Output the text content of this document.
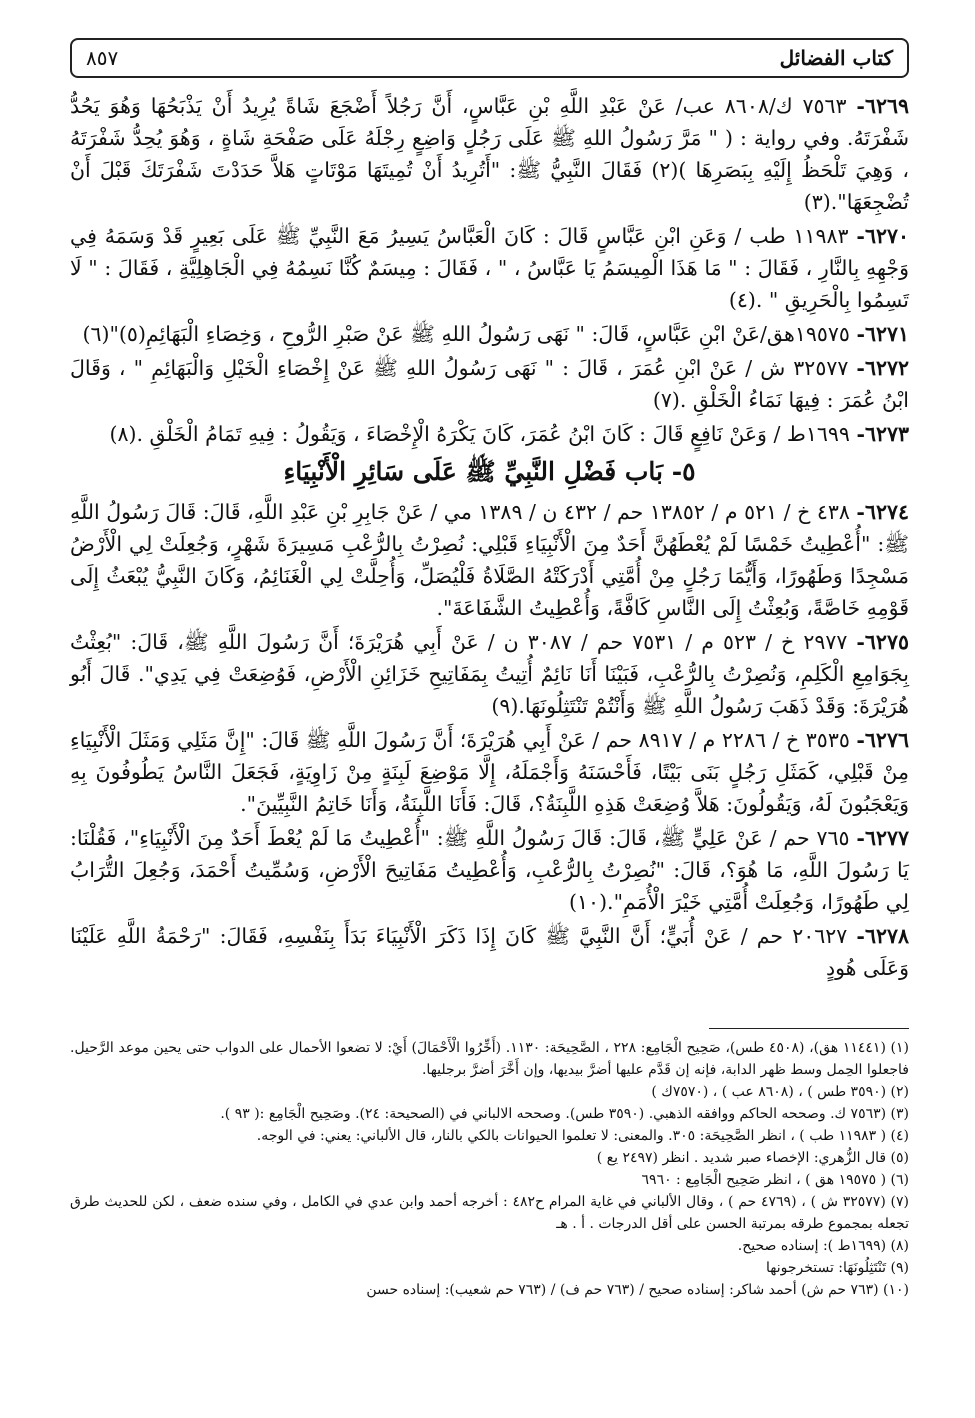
كتاب الفضائل
٨٥٧

٦٢٦٩- ٧٥٦٣ ك/٨٦٠٨ عب/ عَنْ عَبْدِ اللَّهِ بْنِ عَبَّاسٍ، أَنَّ رَجُلاً أَضْجَعَ شَاةً يُرِيدُ أَنْ يَذْبَحُهَا وَهُوَ يَحُدُّ شَفْرَتَهُ. وفي رواية : ( " مَرَّ رَسُولُ اللهِ ﷺ عَلَى رَجُلٍ وَاضِعٍ رِجْلَهُ عَلَى صَفْحَةِ شَاةٍ ، وَهُوَ يُحِدُّ شَفْرَتَهُ ، وَهِيَ تَلْحَظُ إِلَيْهِ بِبَصَرِهَا )(٢) فَقَالَ النَّبِيُّ ﷺ: "أَتُرِيدُ أَنْ تُمِيتَهَا مَوْتَاتٍ هَلاَّ حَدَدْتَ شَفْرَتَكَ قَبْلَ أَنْ تُضْجِعَهَا".(٣)

٦٢٧٠- ١١٩٨٣ طب / وَعَنِ ابْنِ عَبَّاسٍ قَالَ : كَانَ الْعَبَّاسُ يَسِيرُ مَعَ النَّبِيِّ ﷺ عَلَى بَعِيرٍ قَدْ وَسَمَهُ فِي وَجْهِهِ بِالنَّارِ ، فَقَالَ : " مَا هَذَا الْمِيسَمُ يَا عَبَّاسُ ، " ، فَقَالَ : مِيسَمٌ كُنَّا نَسِمُهُ فِي الْجَاهِلِيَّةِ ، فَقَالَ : " لَا تَسِمُوا بِالْحَرِيقِ " .(٤)

٦٢٧١- ١٩٥٧٥هق/عَنْ ابْنِ عَبَّاسٍ، قَالَ: " نَهَى رَسُولُ اللهِ ﷺ عَنْ صَبْرِ الرُّوحِ ، وَخِصَاءِ الْبَهَائِمِ(٥)"(٦)

٦٢٧٢- ٣٢٥٧٧ ش / عَنْ ابْنِ عُمَرَ ، قَالَ : " نَهَى رَسُولُ اللهِ ﷺ عَنْ إِخْصَاءِ الْخَيْلِ وَالْبَهَائِمِ " ، وَقَالَ ابْنُ عُمَرَ : فِيهَا نَمَاءُ الْخَلْقِ .(٧)

٦٢٧٣- ١٦٩٩ط / وَعَنْ نَافِعٍ قَالَ : كَانَ ابْنُ عُمَرَ، كَانَ يَكْرَهُ الْإِخْصَاءَ ، وَيَقُولُ : فِيهِ تَمَامُ الْخَلْقِ .(٨)

٥- بَاب فَضْلِ النَّبِيِّ ﷺ عَلَى سَائِرِ الْأَنْبِيَاءِ

٦٢٧٤- ٤٣٨ خ / ٥٢١ م / ١٣٨٥٢ حم / ٤٣٢ ن / ١٣٨٩ مي / عَنْ جَابِرِ بْنِ عَبْدِ اللَّهِ، قَالَ: قَالَ رَسُولُ اللَّهِ ﷺ: "أُعْطِيتُ خَمْسًا لَمْ يُعْطَهُنَّ أَحَدٌ مِنَ الْأَنْبِيَاءِ قَبْلِي: نُصِرْتُ بِالرُّعْبِ مَسِيرَةَ شَهْرٍ، وَجُعِلَتْ لِي الْأَرْضُ مَسْجِدًا وَطَهُورًا، وَأَيُّمَا رَجُلٍ مِنْ أُمَّتِي أَدْرَكَتْهُ الصَّلَاةُ فَلْيُصَلِّ، وَأُحِلَّتْ لِي الْغَنَائِمُ، وَكَانَ النَّبِيُّ يُبْعَثُ إِلَى قَوْمِهِ خَاصَّةً، وَبُعِثْتُ إِلَى النَّاسِ كَافَّةً، وَأُعْطِيتُ الشَّفَاعَةَ".

٦٢٧٥- ٢٩٧٧ خ / ٥٢٣ م / ٧٥٣١ حم / ٣٠٨٧ ن / عَنْ أَبِي هُرَيْرَةَ؛ أَنَّ رَسُولَ اللَّهِ ﷺ، قَالَ: "بُعِثْتُ بِجَوَامِعِ الْكَلِمِ، وَنُصِرْتُ بِالرُّعْبِ، فَبَيْنَا أَنَا نَائِمٌ أُتِيتُ بِمَفَاتِيحِ خَزَائِنِ الْأَرْضِ، فَوُضِعَتْ فِي يَدِي". قَالَ أَبُو هُرَيْرَةَ: وَقَدْ ذَهَبَ رَسُولُ اللَّهِ ﷺ وَأَنْتُمْ تَنْتَثِلُونَهَا.(٩)

٦٢٧٦- ٣٥٣٥ خ / ٢٢٨٦ م / ٨٩١٧ حم / عَنْ أَبِي هُرَيْرَةَ؛ أَنَّ رَسُولَ اللَّهِ ﷺ قَالَ: "إِنَّ مَثَلِي وَمَثَلَ الْأَنْبِيَاءِ مِنْ قَبْلِي، كَمَثَلِ رَجُلٍ بَنَى بَيْتًا، فَأَحْسَنَهُ وَأَجْمَلَهُ، إِلَّا مَوْضِعَ لَبِنَةٍ مِنْ زَاوِيَةٍ، فَجَعَلَ النَّاسُ يَطُوفُونَ بِهِ وَيَعْجَبُونَ لَهُ، وَيَقُولُونَ: هَلاَّ وُضِعَتْ هَذِهِ اللَّبِنَةُ؟، قَالَ: فَأَنَا اللَّبِنَةُ، وَأَنَا خَاتِمُ النَّبِيِّينَ".

٦٢٧٧- ٧٦٥ حم / عَنْ عَلِيٍّ ﷺ، قَالَ: قَالَ رَسُولُ اللَّهِ ﷺ: "أُعْطِيتُ مَا لَمْ يُعْطَ أَحَدٌ مِنَ الْأَنْبِيَاءِ"، فَقُلْنَا: يَا رَسُولَ اللَّهِ، مَا هُوَ؟، قَالَ: "نُصِرْتُ بِالرُّعْبِ، وَأُعْطِيتُ مَفَاتِيحَ الْأَرْضِ، وَسُمِّيتُ أَحْمَدَ، وَجُعِلَ التُّرَابُ لِي طَهُورًا، وَجُعِلَتْ أُمَّتِي خَيْرَ الْأُمَمِ".(١٠)

٦٢٧٨- ٢٠٦٢٧ حم / عَنْ أُبَيٍّ؛ أَنَّ النَّبِيَّ ﷺ كَانَ إِذَا ذَكَرَ الْأَنْبِيَاءَ بَدَأَ بِنَفْسِهِ، فَقَالَ: "رَحْمَةُ اللَّهِ عَلَيْنَا وَعَلَى هُودٍ

(١) (١١٤٤١ هق)، (٤٥٠٨ طس)، صَحِيح الْجَامِع: ٢٢٨ ، الصَّحِيحَة: ١١٣٠. (أَخِّرُوا الْأَحْمَالَ) أَيْ: لا تضعوا الأحمال على الدواب حتى يحين موعد الرَّحيل. فاجعلوا الحِمل وسط ظهر الدابة، فإنه إن قَدَّم عليها أضرَّ بيديها، وإن أَخَّرَ أضرَّ برجليها.

(٢) (٣٥٩٠ طس ) ، (٨٦٠٨ عب ) ، (٧٥٧٠ك )

(٣) (٧٥٦٣ ك. وصححه الحاكم ووافقه الذهبي. (٣٥٩٠ طس). وصححه الالباني في (الصحيحة: ٢٤). وصَحِيح الْجَامِع :( ٩٣ ).

(٤) ( ١١٩٨٣ طب ) ، انظر الصَّحِيحَة: ٣٠٥. والمعنى: لا تعلموا الحيوانات بالكي بالنار، قال الألباني: يعني: في الوجه.

(٥) قال الزُّهري: الإخصاء صبر شديد . انظر (٢٤٩٧ يع )

(٦) ( ١٩٥٧٥ هق ) ، انظر صَحِيح الْجَامِع : ٦٩٦٠

(٧) (٣٢٥٧٧ ش ) ، (٤٧٦٩ حم ) ، وقال الألباني في غاية المرام ح٤٨٢ : أخرجه أحمد وابن عدي في الكامل ، وفي سنده ضعف ، لكن للحديث طرق تجعله بمجموع طرقه بمرتبة الحسن على أقل الدرجات . أ . هـ

(٨) (١٦٩٩ط ): إسناده صحيح.

(٩) تَنْتَثِلُونَهَا: تستخرجونها

(١٠) (٧٦٣ حم ش) أحمد شاكر: إسناده صحيح / (٧٦٣ حم ف) / (٧٦٣ حم شعيب): إسناده حسن
